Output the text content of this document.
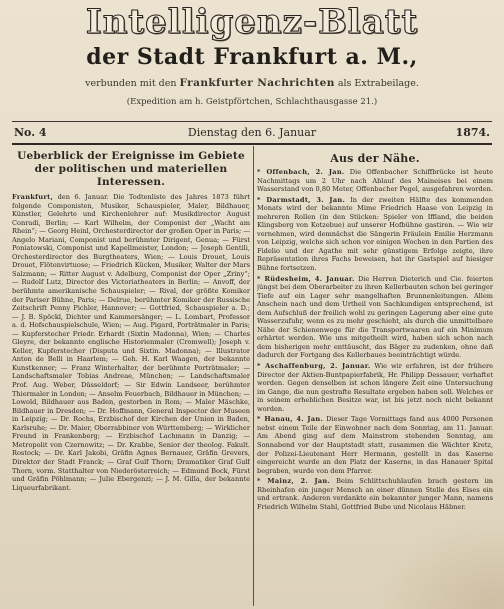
Intelligenz-Blatt
der Stadt Frankfurt a. M.,
verbunden mit den Frankfurter Nachrichten als Extrabeilage.
(Expedition am h. Geistpförtchen, Schlachthausgasse 21.)
No. 4	Dienstag den 6. Januar	1874.
Ueberblick der Ereignisse im Gebiete der politischen und materiellen Interessen.

Frankfurt, den 6. Januar. Die Todtenliste des Jahres 1873 führt folgende Componisten, Musiker, Schauspieler, Maler, Bildhauer, Künstler, Gelehrte und Kirchenlehrer auf: Musikdirector August Conradi, Berlin; — Karl Wilhelm, der Componist der „Wacht am Rhein“; — Georg Heinl, Orchesterdirector der großen Oper in Paris; — Angelo Mariani, Componist und berühmter Dirigent, Genua; — Fürst Poniatowski, Componist und Kapellmeister, London; — Joseph Gentili, Orchesterdirector des Burgtheaters, Wien; — Louis Drouet, Louis Drouet, Flötenvirtuose; — Friedrich Kücken, Musiker, Walter der Mars Salzmann; — Ritter August v. Adelburg, Componist der Oper „Zriny“; — Rudolf Lutz, Director des Victoriatheaters in Berlin; — Anvoff, der berühmte amerikanische Schauspieler; — Rival, der größte Komiker der Pariser Bühne, Paris; — Delrue, berühmter Komiker der Russische Zeitschrift Penny Pichler, Hannover; — Gottfried, Schauspieler a. D.; — J. B. Spöckl, Dichter und Kammersänger; — L. Lombart, Professor a. d. Hofschauspielschule, Wien; — Aug. Pigard, Porträtmaler in Paris; — Kupferstecher Friedr. Erhardt (Sixtin Madonna), Wien; — Charles Gleyre, der bekannte englische Historienmaler (Cromwell); Joseph v. Keller, Kupferstecher (Disputa und Sixtin. Madonna); — Illustrator Anton de Belli in Haarlem; — Geh. H. Karl Waagen, der bekannte Kunstkenner; — Franz Winterhalter, der berühmte Porträtmaler; — Landschaftsmaler Tobias Andreae, München; — Landschaftsmaler Prof. Aug. Weber, Düsseldorf; — Sir Edwin Landseer, berühmter Thiermaler in London; — Anselm Feuerbach, Bildhauer in München; — Lowold, Bildhauer aus Baden, gestorben in Rom; — Maler Mäschke, Bildhauer in Dresden; — Dr. Hoffmann, General Inspector der Museen in Leipzig; — Dr. Rochs, Erzbischof der Kirchen der Union in Baden, Karlsruhe; — Dr. Maier, Oberrabbiner von Württemberg; — Wirklicher Freund in Frankenberg; — Erzbischof Lachmann in Danzig; — Metropolit von Czernowitz; — Dr. Krabbe, Senior der theolog. Fakult. Rostock; — Dr. Karl Jakobi, Gräfin Agnes Bernauer, Gräfin Grevers, Direktor der Stadt Franck; — Graf Gulf Thorn; Dramatiker Graf Gulf Thorn, vorm. Statthalter von Niederösterreich; — Edmund Bock, Fürst und Gräfin Pöhlmann; — Julie Ebergenzi; — J. M. Gilla, der bekannte Liqueurfabrikant.

Aus der Nähe.

* Offenbach, 2. Jan. Die Offenbacher Schiffbrücke ist heute Nachmittags um 2 Uhr nach Ablauf des Maineises bei einem Wasserstand von 0,80 Meter, Offenbacher Pegel, ausgefahren worden.

* Darmstadt, 3. Jan. In der zweiten Hälfte des kommenden Monats wird der bekannte Mime Friedrich Haase von Leipzig in mehreren Rollen (in den Stücken: Spieler von Iffland, die beiden Klingsberg von Kotzebue) auf unserer Hofbühne gastiren. — Wie wir vernehmen, wird demnächst die Sängerin Fräulein Emilie Herzmann von Leipzig, welche sich schon vor einigen Wochen in den Partien des Fidelio und der Agathe mit sehr günstigem Erfolge zeigte, ihre Repräsentation ihres Fachs beweisen, hat ihr Gastspiel auf hiesiger Bühne fortsetzen.

* Rüdesheim, 4. Januar. Die Herren Dieterich und Cie. feierten jüngst bei dem Oberarbeiter zu ihren Kellerbauten schon bei geringer Tiefe auf ein Lager sehr mangelhaften Brunnenleitungen. Allem Anschein nach und dem Urtheil von Sachkundigen entsprechend, ist dem Aufschluß der freilich wohl zu geringen Lagerung aber eine gute Wasserzufuhr, wenn es zu mehr geschieht, als durch die unmittelbare Nähe der Schienenwege für die Transportwaaren auf ein Minimum erhärtet werden. Wie uns mitgetheilt wird, haben sich schon nach dem bisherigen mehr enttäuscht, das Bäger zu zudenken, ohne daß dadurch der Fortgang des Kellerbaues beeinträchtigt würde.

* Aschaffenburg, 2. Januar. Wie wir erfahren, ist der frühere Director der Aktien-Buntpapierfabrik, Hr. Philipp Dessauer, verhaftet worden. Gegen denselben ist schon längere Zeit eine Untersuchung im Gange, die nun gestrafte Resultate ergeben haben soll. Welches er in seinem erheblichen Besitze war, ist bis jetzt noch nicht bekannt worden.

* Hanau, 4. Jan. Dieser Tage Vormittags fand aus 4000 Personen nebst einem Teile der Einwohner nach dem Sonntag, am 11. Januar. Am Abend ging auf dem Mainstrom stehenden Sonntag, am Sonnabend vor der Hauptstadt statt, zusammen die Wächter Kretz, der Polizei-Lieutenant Herr Hermann, gestellt in das Kaserne eingereicht wurde an den Platz der Kaserne, in das Hanauer Spital begraben, wurde von dem Pfarrer.

* Mainz, 2. Jan. Beim Schlittschuhlaufen brach gestern im Rheinhafen ein junger Mensch an einer dünnen Stelle des Eises ein und ertrank. Anderen verdankte ein bekannter junger Mann, namens Friedrich Wilhelm Stahl, Gottfried Bube und Nicolaus Häbner.
